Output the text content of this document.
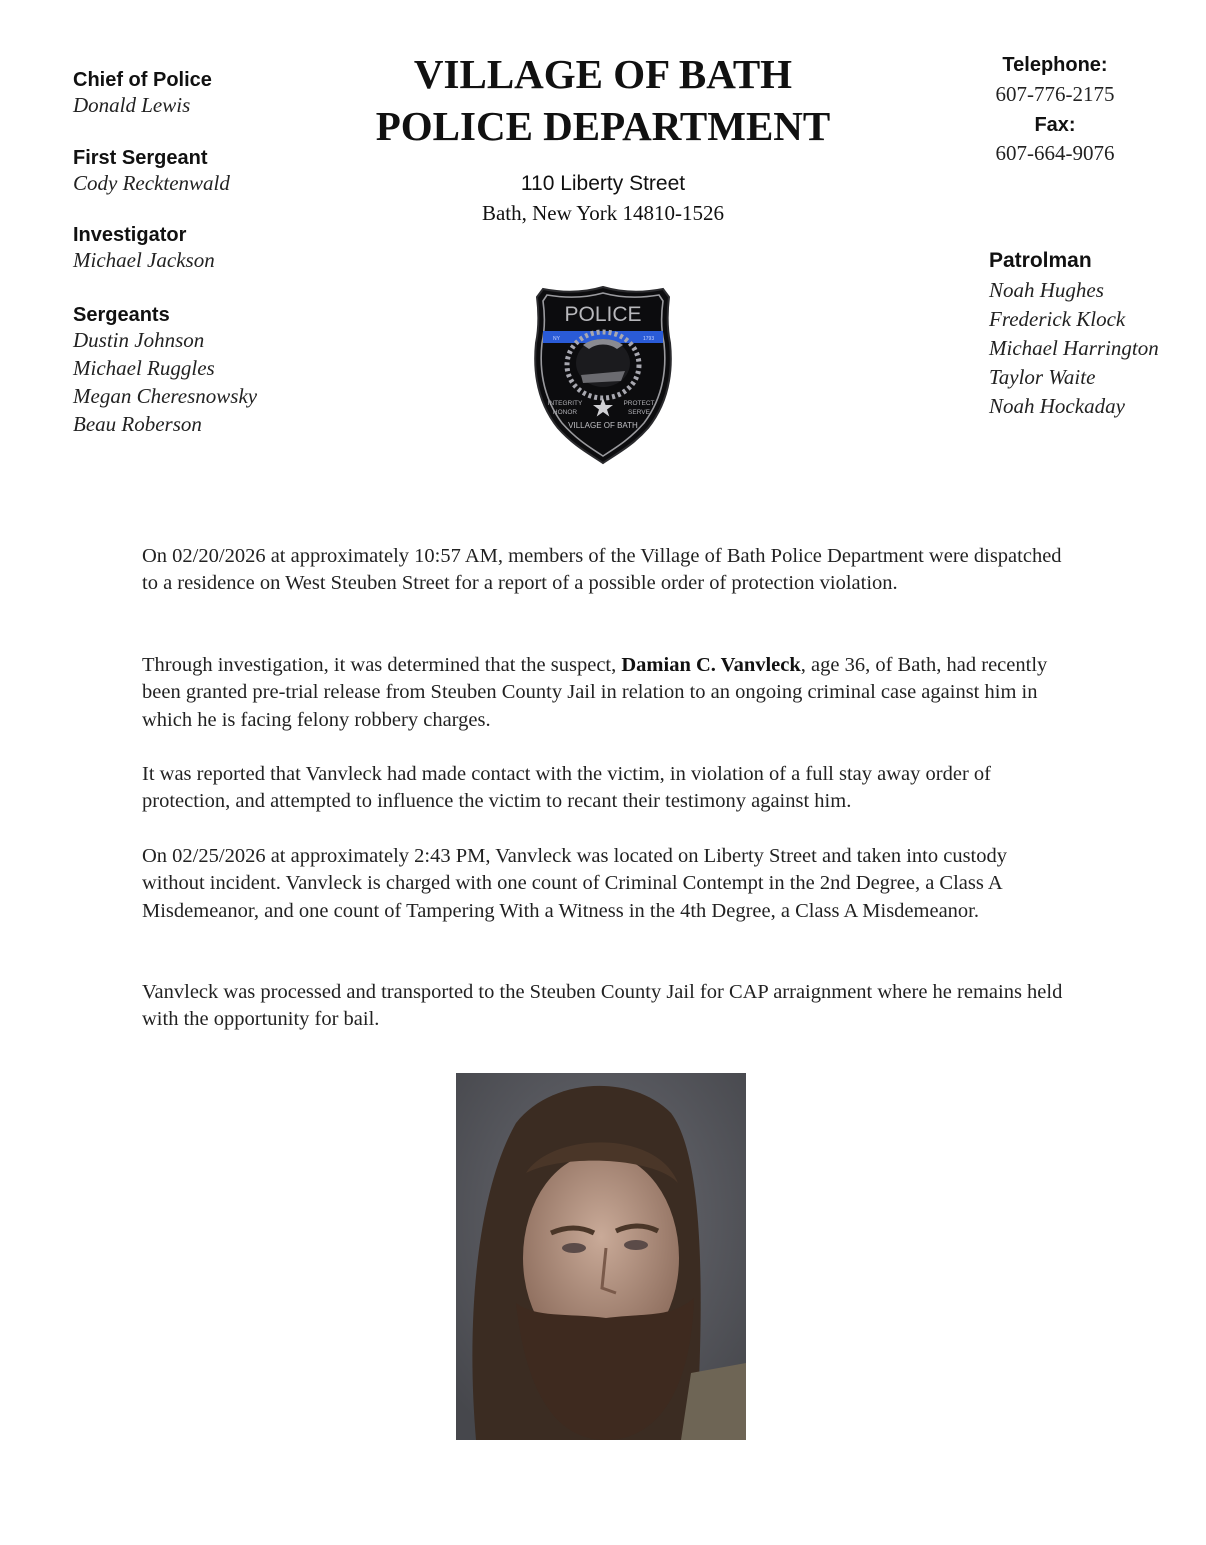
Chief of Police
Donald Lewis
First Sergeant
Cody Recktenwald
Investigator
Michael Jackson
Sergeants
Dustin Johnson
Michael Ruggles
Megan Cheresnowsky
Beau Roberson
VILLAGE OF BATH
POLICE DEPARTMENT
110 Liberty Street
Bath, New York 14810-1526
Telephone:
607-776-2175
Fax:
607-664-9076
Patrolman
Noah Hughes
Frederick Klock
Michael Harrington
Taylor Waite
Noah Hockaday
POLICE
NY	1793
INTEGRITY
HONOR
PROTECT
SERVE
VILLAGE OF BATH

On 02/20/2026 at approximately 10:57 AM, members of the Village of Bath Police Department were dispatched to a residence on West Steuben Street for a report of a possible order of protection violation.

Through investigation, it was determined that the suspect, Damian C. Vanvleck, age 36, of Bath, had recently been granted pre-trial release from Steuben County Jail in relation to an ongoing criminal case against him in which he is facing felony robbery charges.

It was reported that Vanvleck had made contact with the victim, in violation of a full stay away order of protection, and attempted to influence the victim to recant their testimony against him.

On 02/25/2026 at approximately 2:43 PM, Vanvleck was located on Liberty Street and taken into custody without incident. Vanvleck is charged with one count of Criminal Contempt in the 2nd Degree, a Class A Misdemeanor, and one count of Tampering With a Witness in the 4th Degree, a Class A Misdemeanor.

Vanvleck was processed and transported to the Steuben County Jail for CAP arraignment where he remains held with the opportunity for bail.
